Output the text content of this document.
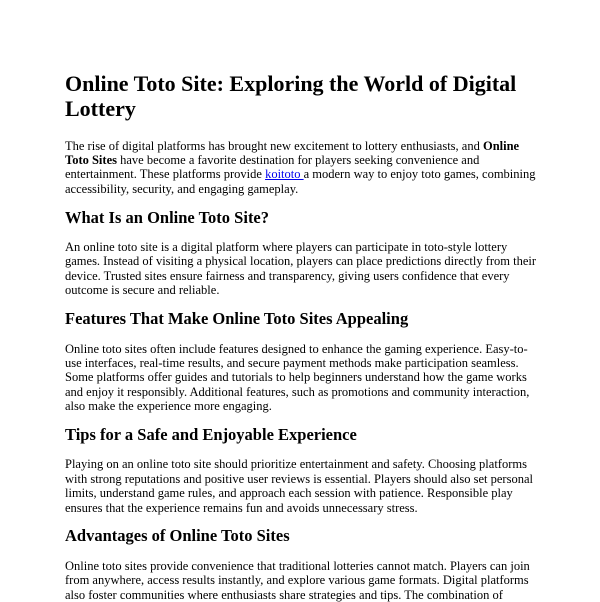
Online Toto Site: Exploring the World of Digital Lottery

The rise of digital platforms has brought new excitement to lottery enthusiasts, and Online Toto Sites have become a favorite destination for players seeking convenience and entertainment. These platforms provide koitoto a modern way to enjoy toto games, combining accessibility, security, and engaging gameplay.

What Is an Online Toto Site?

An online toto site is a digital platform where players can participate in toto-style lottery games. Instead of visiting a physical location, players can place predictions directly from their device. Trusted sites ensure fairness and transparency, giving users confidence that every outcome is secure and reliable.

Features That Make Online Toto Sites Appealing

Online toto sites often include features designed to enhance the gaming experience. Easy-to-use interfaces, real-time results, and secure payment methods make participation seamless. Some platforms offer guides and tutorials to help beginners understand how the game works and enjoy it responsibly. Additional features, such as promotions and community interaction, also make the experience more engaging.

Tips for a Safe and Enjoyable Experience

Playing on an online toto site should prioritize entertainment and safety. Choosing platforms with strong reputations and positive user reviews is essential. Players should also set personal limits, understand game rules, and approach each session with patience. Responsible play ensures that the experience remains fun and avoids unnecessary stress.

Advantages of Online Toto Sites

Online toto sites provide convenience that traditional lotteries cannot match. Players can join from anywhere, access results instantly, and explore various game formats. Digital platforms also foster communities where enthusiasts share strategies and tips. The combination of
